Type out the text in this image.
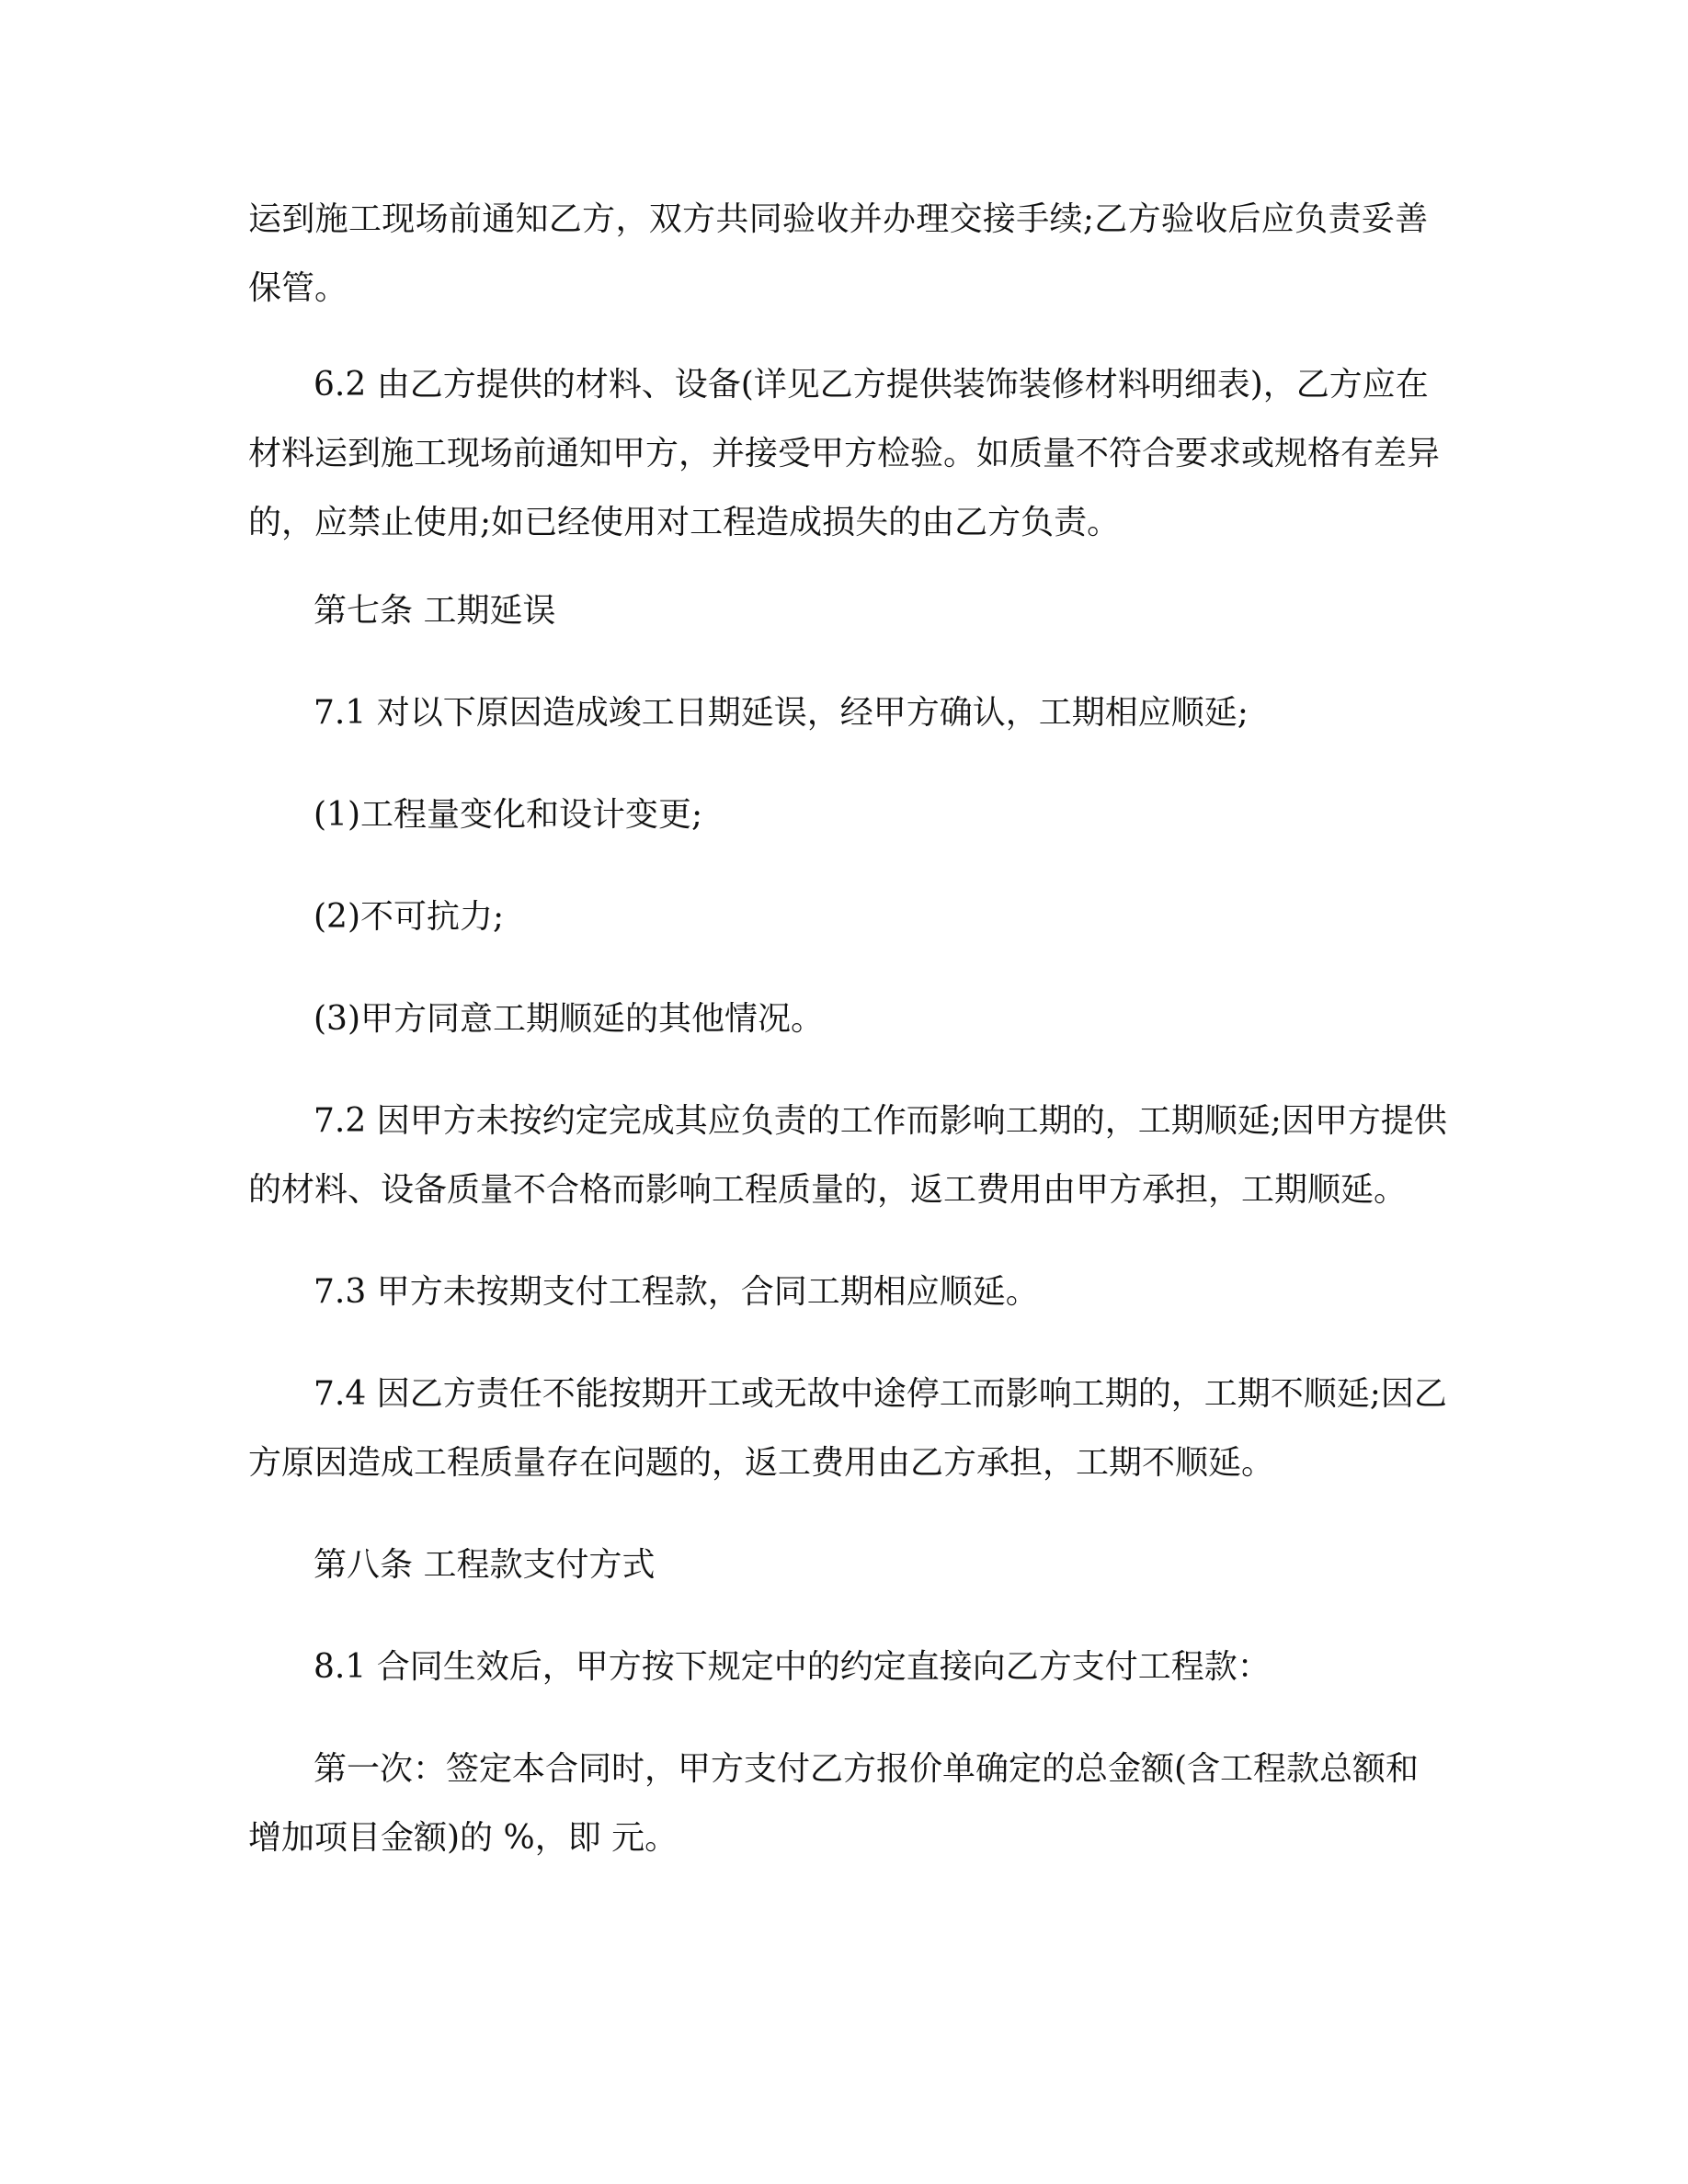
运到施工现场前通知乙方，双方共同验收并办理交接手续;乙方验收后应负责妥善

保管。

6.2 由乙方提供的材料、设备(详见乙方提供装饰装修材料明细表)，乙方应在

材料运到施工现场前通知甲方，并接受甲方检验。如质量不符合要求或规格有差异

的，应禁止使用;如已经使用对工程造成损失的由乙方负责。

第七条 工期延误

7.1 对以下原因造成竣工日期延误，经甲方确认，工期相应顺延;

(1)工程量变化和设计变更;

(2)不可抗力;

(3)甲方同意工期顺延的其他情况。

7.2 因甲方未按约定完成其应负责的工作而影响工期的，工期顺延;因甲方提供

的材料、设备质量不合格而影响工程质量的，返工费用由甲方承担，工期顺延。

7.3 甲方未按期支付工程款，合同工期相应顺延。

7.4 因乙方责任不能按期开工或无故中途停工而影响工期的，工期不顺延;因乙

方原因造成工程质量存在问题的，返工费用由乙方承担，工期不顺延。

第八条 工程款支付方式

8.1 合同生效后，甲方按下规定中的约定直接向乙方支付工程款：

第一次：签定本合同时，甲方支付乙方报价单确定的总金额(含工程款总额和

增加项目金额)的 %，即 元。
